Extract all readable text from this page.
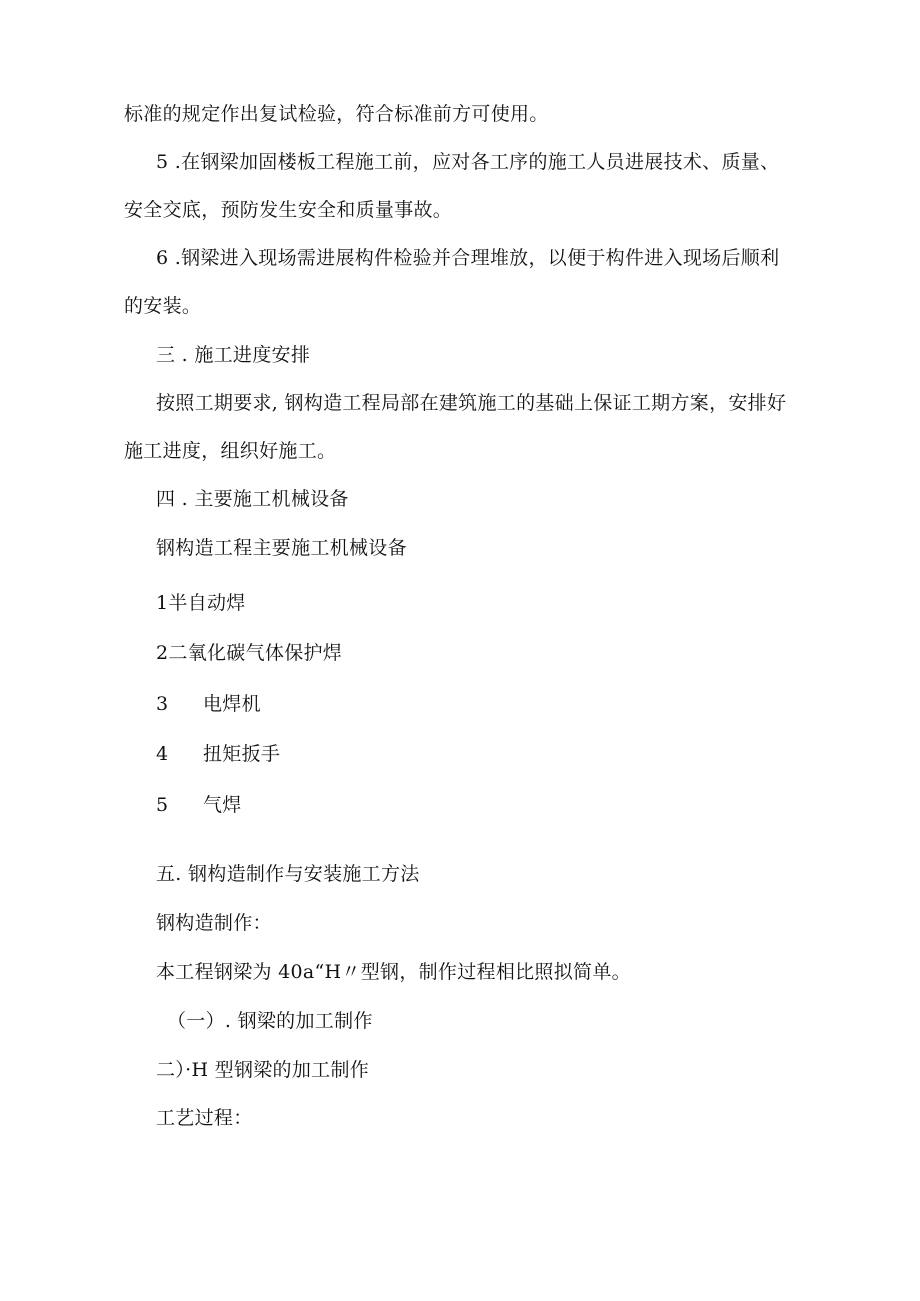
标准的规定作出复试检验，符合标准前方可使用。
5 .在钢梁加固楼板工程施工前，应对各工序的施工人员进展技术、质量、
安全交底，预防发生安全和质量事故。
6 .钢梁进入现场需进展构件检验并合理堆放，以便于构件进入现场后顺利
的安装。
三 . 施工进度安排
按照工期要求, 钢构造工程局部在建筑施工的基础上保证工期方案，安排好
施工进度，组织好施工。
四 . 主要施工机械设备
钢构造工程主要施工机械设备
1半自动焊
2二氧化碳气体保护焊
3 电焊机
4 扭矩扳手
5 气焊
五. 钢构造制作与安装施工方法
钢构造制作：
本工程钢梁为 40a“H〃型钢，制作过程相比照拟简单。
（一）. 钢梁的加工制作
二）·H 型钢梁的加工制作
工艺过程：
